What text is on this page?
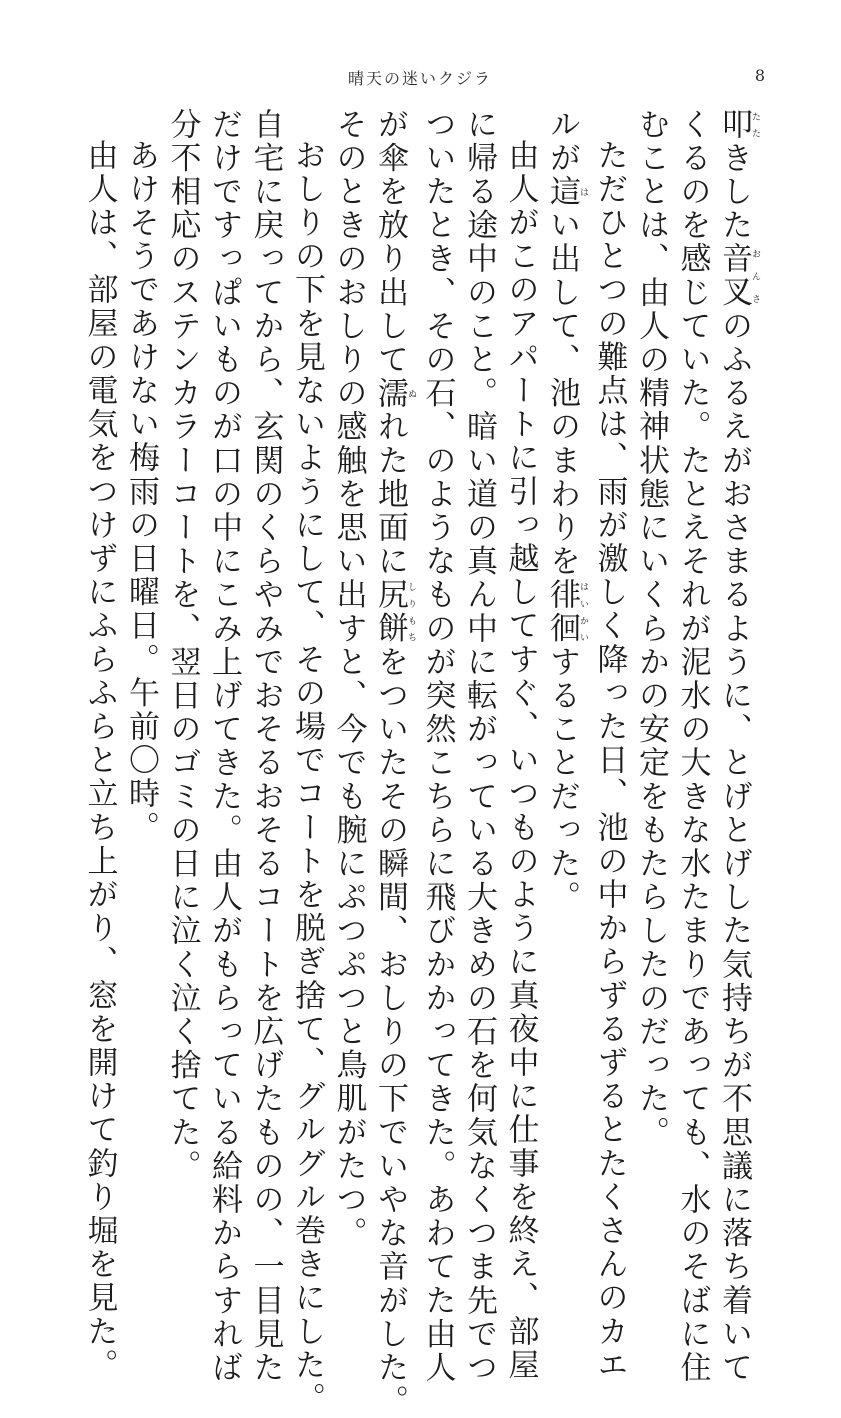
晴天の迷いクジラ	8
叩たたきした音叉おんさのふるえがおさまるように、とげとげした気持ちが不思議に落ち着いて
くるのを感じていた。たとえそれが泥水の大きな水たまりであっても、水のそばに住
むことは、由人の精神状態にいくらかの安定をもたらしたのだった。
ただひとつの難点は、雨が激しく降った日、池の中からずるずるとたくさんのカエ
ルが這はい出して、池のまわりを徘徊はいかいすることだった。
由人がこのアパートに引っ越してすぐ、いつものように真夜中に仕事を終え、部屋
に帰る途中のこと。暗い道の真ん中に転がっている大きめの石を何気なくつま先でつ
ついたとき、その石、のようなものが突然こちらに飛びかかってきた。あわてた由人
が傘を放り出して濡ぬれた地面に尻餅しりもちをついたその瞬間、おしりの下でいやな音がした。
そのときのおしりの感触を思い出すと、今でも腕にぷつぷつと鳥肌がたつ。
おしりの下を見ないようにして、その場でコートを脱ぎ捨て、グルグル巻きにした。
自宅に戻ってから、玄関のくらやみでおそるおそるコートを広げたものの、一目見た
だけですっぱいものが口の中にこみ上げてきた。由人がもらっている給料からすれば
分不相応のステンカラーコートを、翌日のゴミの日に泣く泣く捨てた。
あけそうであけない梅雨の日曜日。午前〇時。
由人は、部屋の電気をつけずにふらふらと立ち上がり、窓を開けて釣り堀を見た。
